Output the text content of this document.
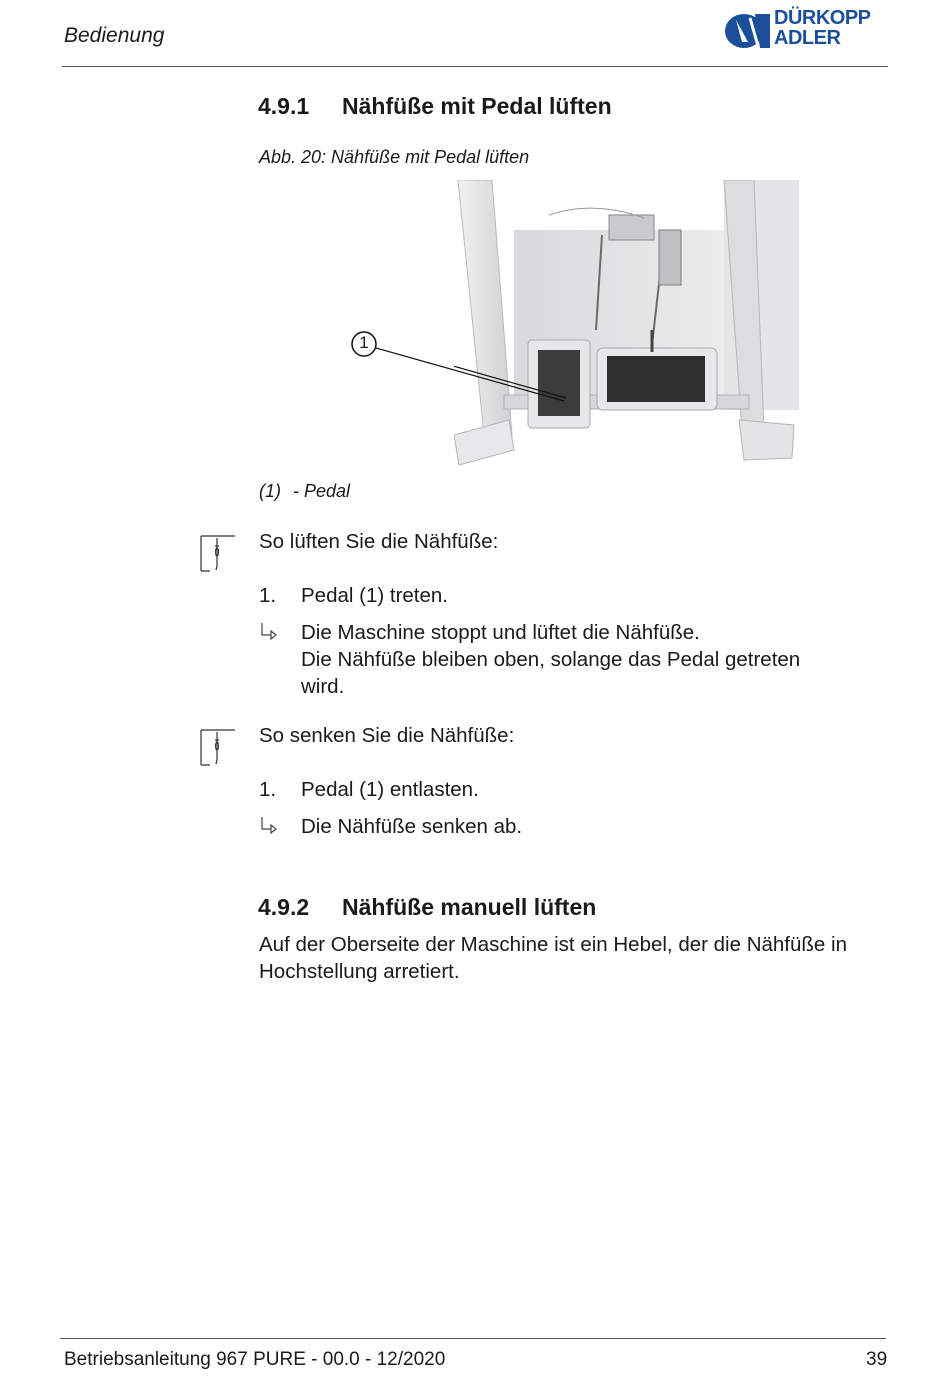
Bedienung
DÜRKOPP
ADLER
4.9.1 Nähfüße mit Pedal lüften
Abb. 20: Nähfüße mit Pedal lüften
1
(1) - Pedal
So lüften Sie die Nähfüße:
1. Pedal (1) treten.
Die Maschine stoppt und lüftet die Nähfüße.
Die Nähfüße bleiben oben, solange das Pedal getreten
wird.
So senken Sie die Nähfüße:
1. Pedal (1) entlasten.
Die Nähfüße senken ab.
4.9.2 Nähfüße manuell lüften
Auf der Oberseite der Maschine ist ein Hebel, der die Nähfüße in
Hochstellung arretiert.
Betriebsanleitung 967 PURE - 00.0 - 12/2020	39
